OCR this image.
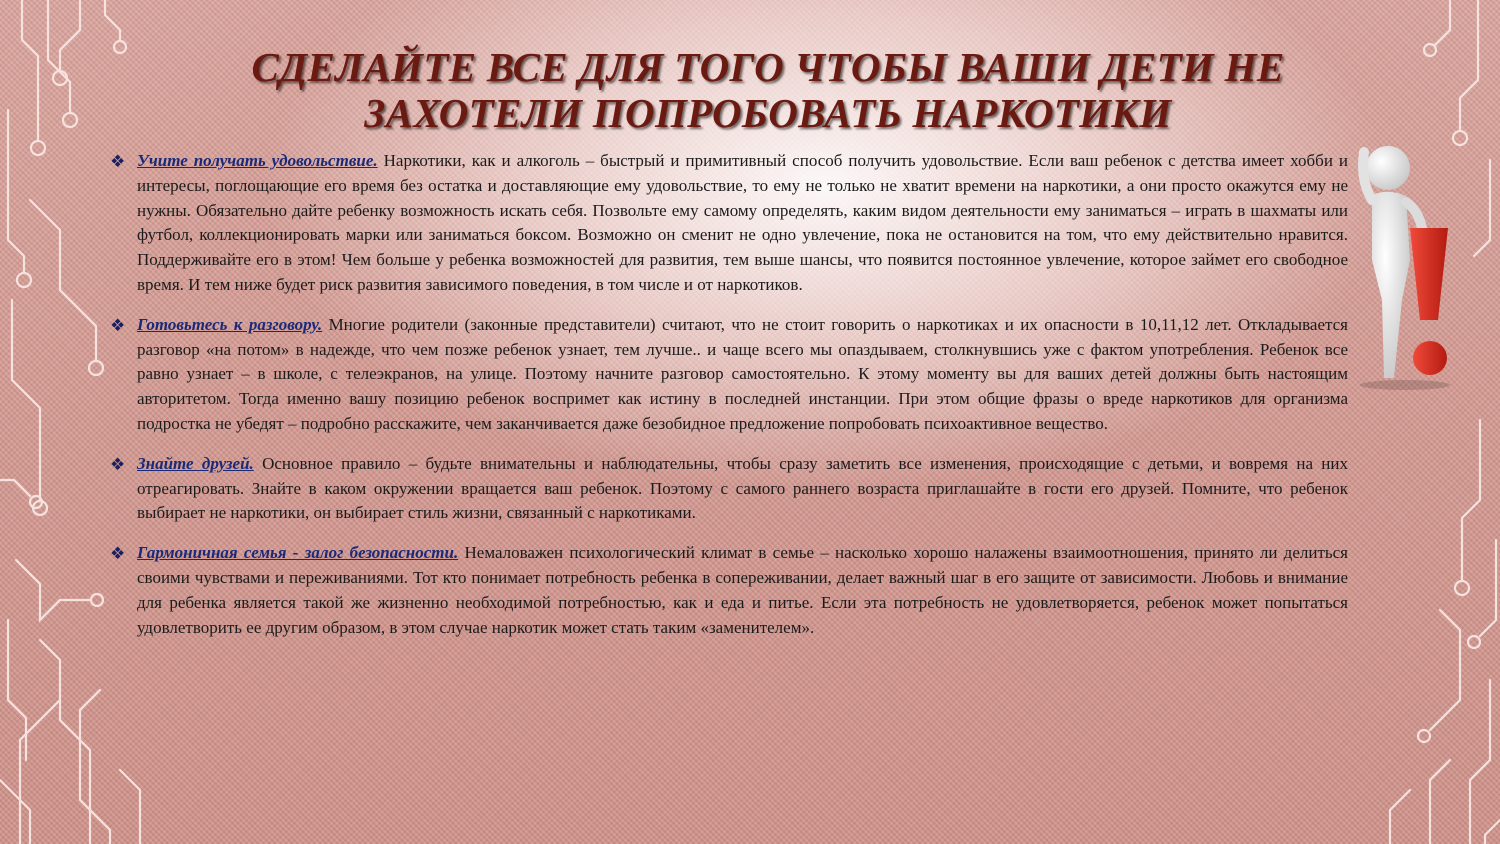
СДЕЛАЙТЕ ВСЕ ДЛЯ ТОГО ЧТОБЫ ВАШИ ДЕТИ НЕ
ЗАХОТЕЛИ ПОПРОБОВАТЬ НАРКОТИКИ
❖ Учите получать удовольствие. Наркотики, как и алкоголь – быстрый и примитивный способ получить удовольствие. Если ваш ребенок с детства имеет хобби и интересы, поглощающие его время без остатка и доставляющие ему удовольствие, то ему не только не хватит времени на наркотики, а они просто окажутся ему не нужны. Обязательно дайте ребенку возможность искать себя. Позвольте ему самому определять, каким видом деятельности ему заниматься – играть в шахматы или футбол, коллекционировать марки или заниматься боксом. Возможно он сменит не одно увлечение, пока не остановится на том, что ему действительно нравится. Поддерживайте его в этом! Чем больше у ребенка возможностей для развития, тем выше шансы, что появится постоянное увлечение, которое займет его свободное время. И тем ниже будет риск развития зависимого поведения, в том числе и от наркотиков.

❖ Готовьтесь к разговору. Многие родители (законные представители) считают, что не стоит говорить о наркотиках и их опасности в 10,11,12 лет. Откладывается разговор «на потом» в надежде, что чем позже ребенок узнает, тем лучше.. и чаще всего мы опаздываем, столкнувшись уже с фактом употребления. Ребенок все равно узнает – в школе, с телеэкранов, на улице. Поэтому начните разговор самостоятельно. К этому моменту вы для ваших детей должны быть настоящим авторитетом. Тогда именно вашу позицию ребенок воспримет как истину в последней инстанции. При этом общие фразы о вреде наркотиков для организма подростка не убедят – подробно расскажите, чем заканчивается даже безобидное предложение попробовать психоактивное вещество.

❖ Знайте друзей. Основное правило – будьте внимательны и наблюдательны, чтобы сразу заметить все изменения, происходящие с детьми, и вовремя на них отреагировать. Знайте в каком окружении вращается ваш ребенок. Поэтому с самого раннего возраста приглашайте в гости его друзей. Помните, что ребенок выбирает не наркотики, он выбирает стиль жизни, связанный с наркотиками.

❖ Гармоничная семья - залог безопасности. Немаловажен психологический климат в семье – насколько хорошо налажены взаимоотношения, принято ли делиться своими чувствами и переживаниями. Тот кто понимает потребность ребенка в сопереживании, делает важный шаг в его защите от зависимости. Любовь и внимание для ребенка является такой же жизненно необходимой потребностью, как и еда и питье. Если эта потребность не удовлетворяется, ребенок может попытаться удовлетворить ее другим образом, в этом случае наркотик может стать таким «заменителем».
